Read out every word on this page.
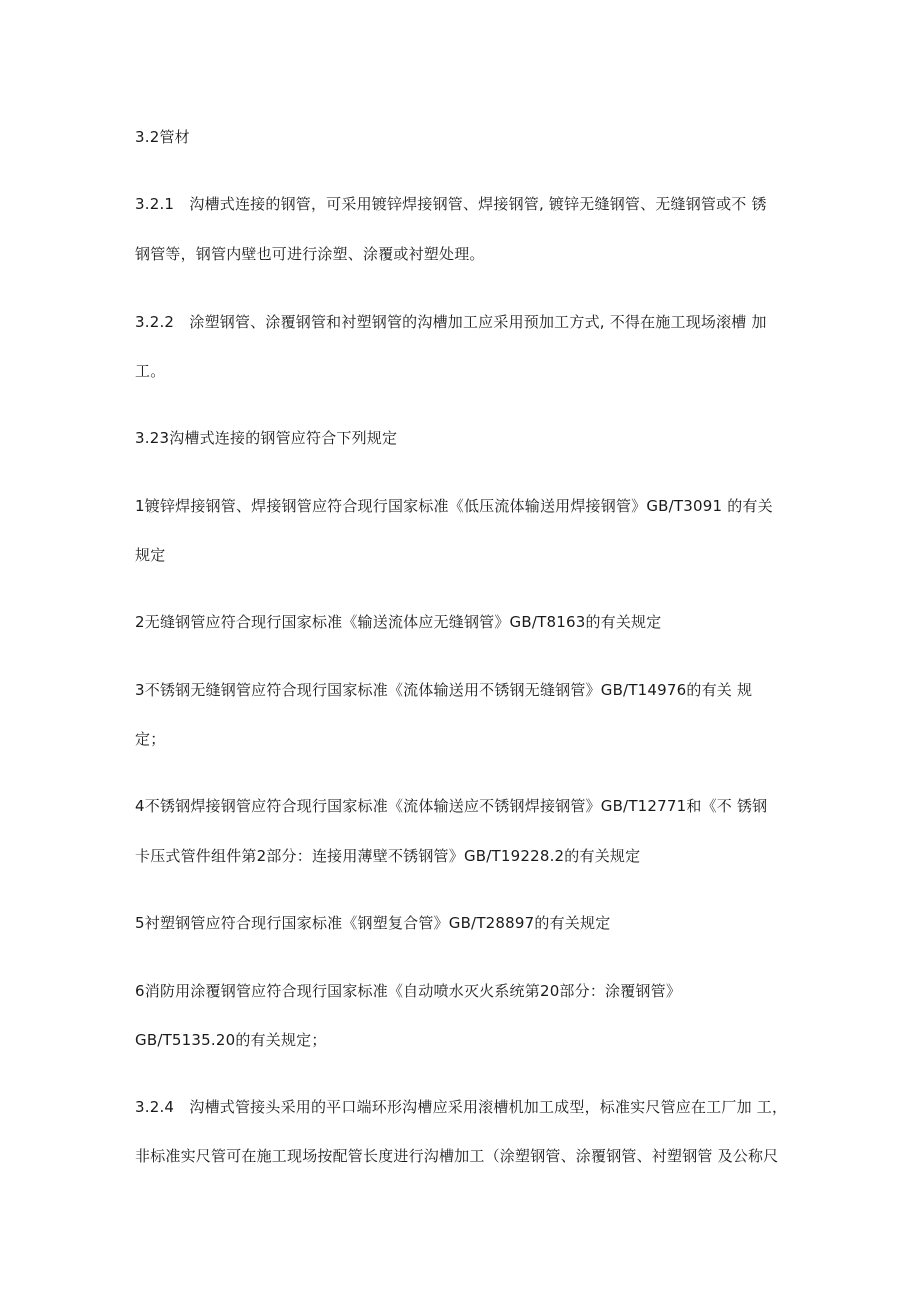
3.2管材
3.2.1　沟槽式连接的钢管，可采用镀锌焊接钢管、焊接钢管, 镀锌无缝钢管、无缝钢管或不 锈
钢管等，钢管内壁也可进行涂塑、涂覆或衬塑处理。
3.2.2　涂塑钢管、涂覆钢管和衬塑钢管的沟槽加工应采用预加工方式, 不得在施工现场滚槽 加
工。
3.23沟槽式连接的钢管应符合下列规定
1镀锌焊接钢管、焊接钢管应符合现行国家标准《低压流体输送用焊接钢管》GB/T3091 的有关
规定
2无缝钢管应符合现行国家标准《输送流体应无缝钢管》GB/T8163的有关规定
3不锈钢无缝钢管应符合现行国家标准《流体输送用不锈钢无缝钢管》GB/T14976的有关 规
定；
4不锈钢焊接钢管应符合现行国家标准《流体输送应不锈钢焊接钢管》GB/T12771和《不 锈钢
卡压式管件组件第2部分：连接用薄壁不锈钢管》GB/T19228.2的有关规定
5衬塑钢管应符合现行国家标准《钢塑复合管》GB/T28897的有关规定
6消防用涂覆钢管应符合现行国家标准《自动喷水灭火系统第20部分：涂覆钢管》
GB/T5135.20的有关规定；
3.2.4　沟槽式管接头采用的平口端环形沟槽应采用滚槽机加工成型，标准实尺管应在工厂加 工，
非标准实尺管可在施工现场按配管长度进行沟槽加工（涂塑钢管、涂覆钢管、衬塑钢管 及公称尺
